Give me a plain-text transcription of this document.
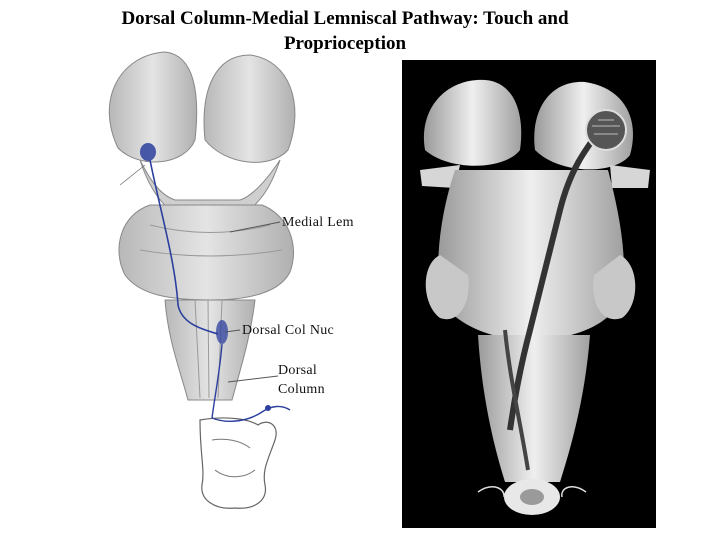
Dorsal Column-Medial Lemniscal Pathway: Touch and
Proprioception
Medial Lem
Dorsal Col Nuc
Dorsal
Column
